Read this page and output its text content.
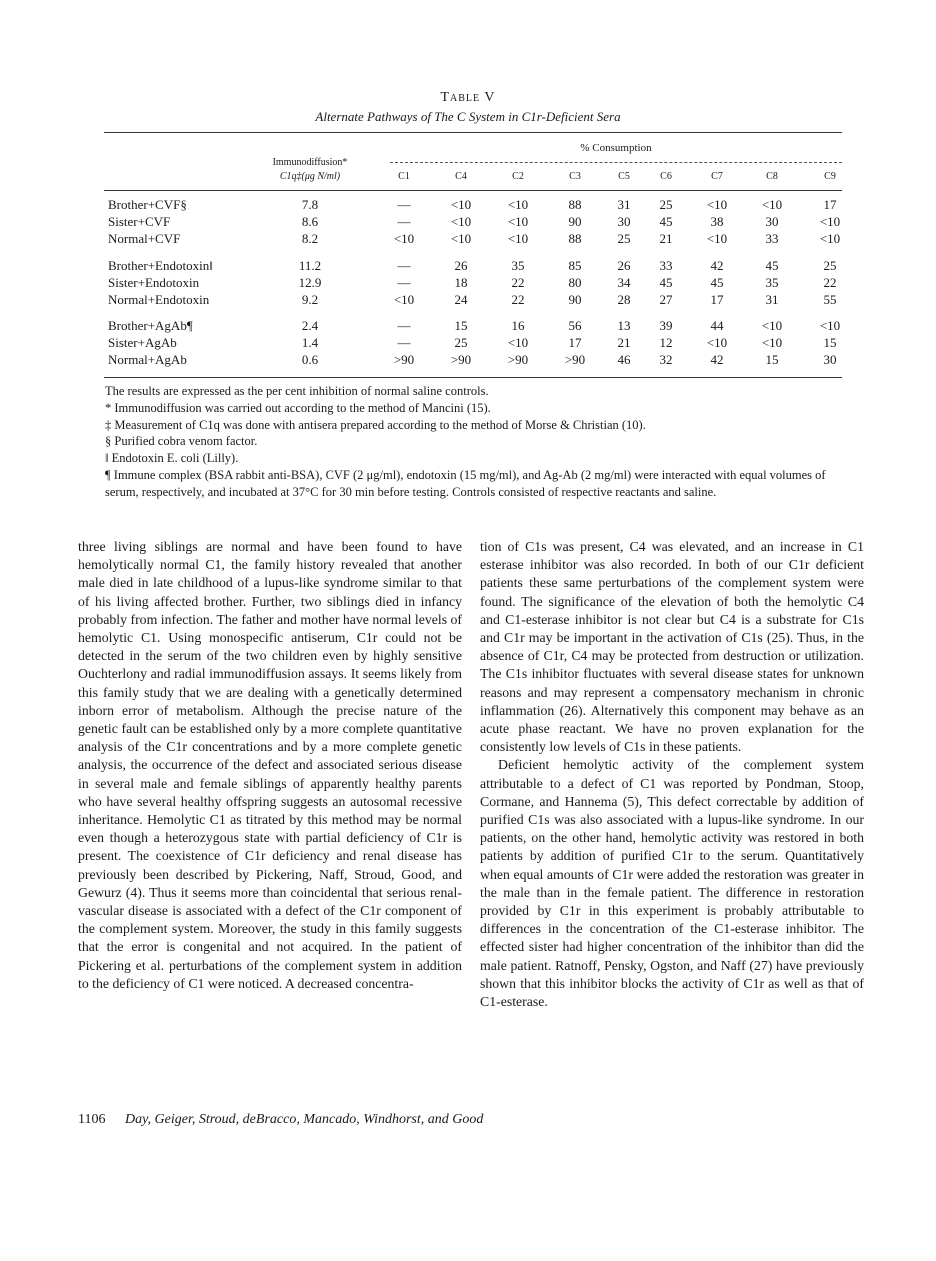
Table V
Alternate Pathways of The C System in C1r-Deficient Sera
% Consumption
Immunodiffusion*
C1q‡(μg N/ml)	C1	C4	C2	C3	C5	C6	C7	C8	C9
Brother+CVF§	7.8	—	<10	<10	88	31	25	<10	<10	17
Sister+CVF	8.6	—	<10	<10	90	30	45	38	30	<10
Normal+CVF	8.2	<10	<10	<10	88	25	21	<10	33	<10
Brother+Endotoxin‖	11.2	—	26	35	85	26	33	42	45	25
Sister+Endotoxin	12.9	—	18	22	80	34	45	45	35	22
Normal+Endotoxin	9.2	<10	24	22	90	28	27	17	31	55
Brother+AgAb¶	2.4	—	15	16	56	13	39	44	<10	<10
Sister+AgAb	1.4	—	25	<10	17	21	12	<10	<10	15
Normal+AgAb	0.6	>90	>90	>90	>90	46	32	42	15	30

The results are expressed as the per cent inhibition of normal saline controls.

* Immunodiffusion was carried out according to the method of Mancini (15).

‡ Measurement of C1q was done with antisera prepared according to the method of Morse & Christian (10).

§ Purified cobra venom factor.

‖ Endotoxin E. coli (Lilly).

¶ Immune complex (BSA rabbit anti-BSA), CVF (2 μg/ml), endotoxin (15 mg/ml), and Ag-Ab (2 mg/ml) were interacted with equal volumes of serum, respectively, and incubated at 37°C for 30 min before testing. Controls consisted of respective reactants and saline.

three living siblings are normal and have been found to have hemolytically normal C1, the family history revealed that another male died in late childhood of a lupus-like syndrome similar to that of his living affected brother. Further, two siblings died in infancy probably from infection. The father and mother have normal levels of hemolytic C1. Using monospecific antiserum, C1r could not be detected in the serum of the two children even by highly sensitive Ouchterlony and radial immunodiffusion assays. It seems likely from this family study that we are dealing with a genetically determined inborn error of metabolism. Although the precise nature of the genetic fault can be established only by a more complete quantitative analysis of the C1r concentrations and by a more complete genetic analysis, the occurrence of the defect and associated serious disease in several male and female siblings of apparently healthy parents who have several healthy offspring suggests an autosomal recessive inheritance. Hemolytic C1 as titrated by this method may be normal even though a heterozygous state with partial deficiency of C1r is present. The coexistence of C1r deficiency and renal disease has previously been described by Pickering, Naff, Stroud, Good, and Gewurz (4). Thus it seems more than coincidental that serious renal-vascular disease is associated with a defect of the C1r component of the complement system. Moreover, the study in this family suggests that the error is congenital and not acquired. In the patient of Pickering et al. perturbations of the complement system in addition to the deficiency of C1 were noticed. A decreased concentra-

tion of C1s was present, C4 was elevated, and an increase in C1 esterase inhibitor was also recorded. In both of our C1r deficient patients these same perturbations of the complement system were found. The significance of the elevation of both the hemolytic C4 and C1-esterase inhibitor is not clear but C4 is a substrate for C1s and C1r may be important in the activation of C1s (25). Thus, in the absence of C1r, C4 may be protected from destruction or utilization. The C1s inhibitor fluctuates with several disease states for unknown reasons and may represent a compensatory mechanism in chronic inflammation (26). Alternatively this component may behave as an acute phase reactant. We have no proven explanation for the consistently low levels of C1s in these patients.

Deficient hemolytic activity of the complement system attributable to a defect of C1 was reported by Pondman, Stoop, Cormane, and Hannema (5), This defect correctable by addition of purified C1s was also associated with a lupus-like syndrome. In our patients, on the other hand, hemolytic activity was restored in both patients by addition of purified C1r to the serum. Quantitatively when equal amounts of C1r were added the restoration was greater in the male than in the female patient. The difference in restoration provided by C1r in this experiment is probably attributable to differences in the concentration of the C1-esterase inhibitor. The effected sister had higher concentration of the inhibitor than did the male patient. Ratnoff, Pensky, Ogston, and Naff (27) have previously shown that this inhibitor blocks the activity of C1r as well as that of C1-esterase.

1106 Day, Geiger, Stroud, deBracco, Mancado, Windhorst, and Good
